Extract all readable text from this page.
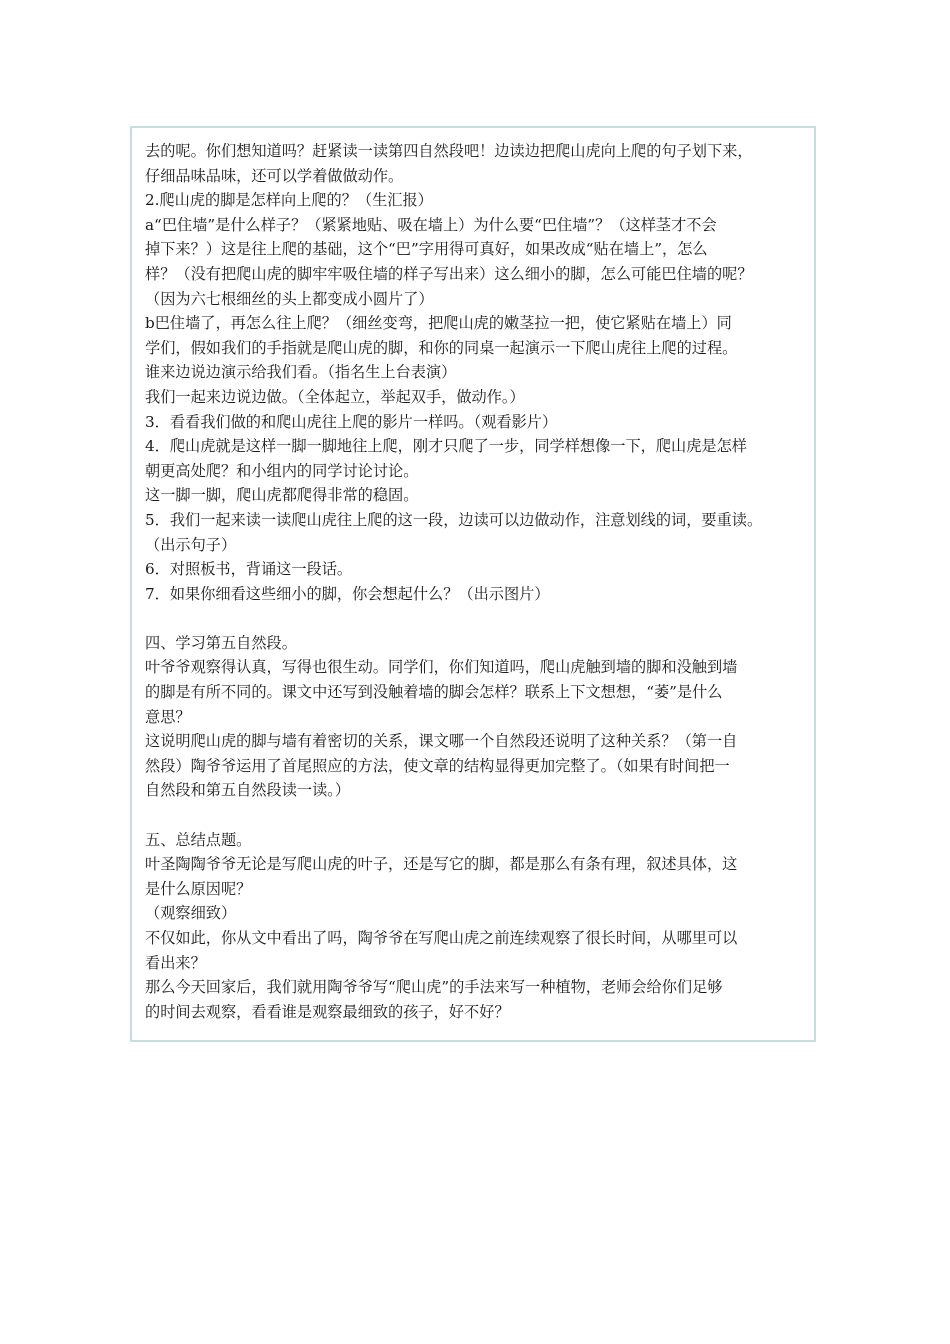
去的呢。你们想知道吗？赶紧读一读第四自然段吧！边读边把爬山虎向上爬的句子划下来，
仔细品味品味，还可以学着做做动作。
2.爬山虎的脚是怎样向上爬的？（生汇报）
a“巴住墙”是什么样子？（紧紧地贴、吸在墙上）为什么要“巴住墙”？（这样茎才不会
掉下来？）这是往上爬的基础，这个“巴”字用得可真好，如果改成“贴在墙上”，怎么
样？（没有把爬山虎的脚牢牢吸住墙的样子写出来）这么细小的脚，怎么可能巴住墙的呢？
（因为六七根细丝的头上都变成小圆片了）
b巴住墙了，再怎么往上爬？（细丝变弯，把爬山虎的嫩茎拉一把，使它紧贴在墙上）同
学们，假如我们的手指就是爬山虎的脚，和你的同桌一起演示一下爬山虎往上爬的过程。
谁来边说边演示给我们看。（指名生上台表演）
我们一起来边说边做。（全体起立，举起双手，做动作。）
3．看看我们做的和爬山虎往上爬的影片一样吗。（观看影片）
4．爬山虎就是这样一脚一脚地往上爬，刚才只爬了一步，同学样想像一下，爬山虎是怎样
朝更高处爬？和小组内的同学讨论讨论。
这一脚一脚，爬山虎都爬得非常的稳固。
5．我们一起来读一读爬山虎往上爬的这一段，边读可以边做动作，注意划线的词，要重读。
（出示句子）
6．对照板书，背诵这一段话。
7．如果你细看这些细小的脚，你会想起什么？（出示图片）
四、学习第五自然段。
叶爷爷观察得认真，写得也很生动。同学们，你们知道吗，爬山虎触到墙的脚和没触到墙
的脚是有所不同的。课文中还写到没触着墙的脚会怎样？联系上下文想想，“萎”是什么
意思？
这说明爬山虎的脚与墙有着密切的关系，课文哪一个自然段还说明了这种关系？（第一自
然段）陶爷爷运用了首尾照应的方法，使文章的结构显得更加完整了。（如果有时间把一
自然段和第五自然段读一读。）
五、总结点题。
叶圣陶陶爷爷无论是写爬山虎的叶子，还是写它的脚，都是那么有条有理，叙述具体，这
是什么原因呢？
（观察细致）
不仅如此，你从文中看出了吗，陶爷爷在写爬山虎之前连续观察了很长时间，从哪里可以
看出来？
那么今天回家后，我们就用陶爷爷写“爬山虎”的手法来写一种植物，老师会给你们足够
的时间去观察，看看谁是观察最细致的孩子，好不好？
